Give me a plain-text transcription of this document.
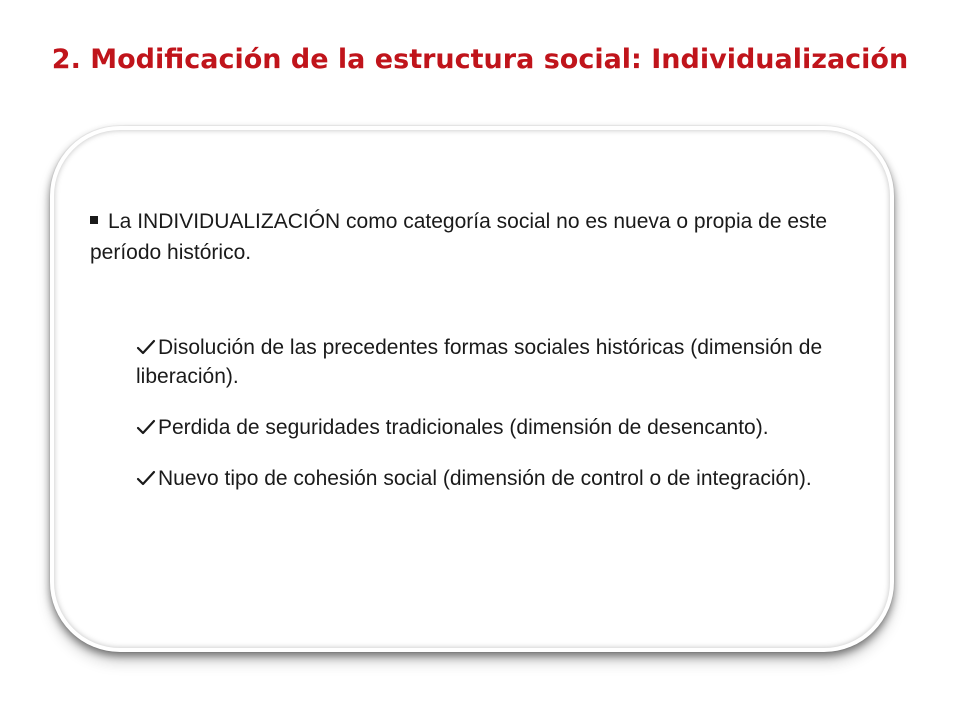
2. Modificación de la estructura social: Individualización

La INDIVIDUALIZACIÓN como categoría social no es nueva o propia de este período histórico.

Disolución de las precedentes formas sociales históricas (dimensión de liberación).
Perdida de seguridades tradicionales (dimensión de desencanto).
Nuevo tipo de cohesión social (dimensión de control o de integración).
